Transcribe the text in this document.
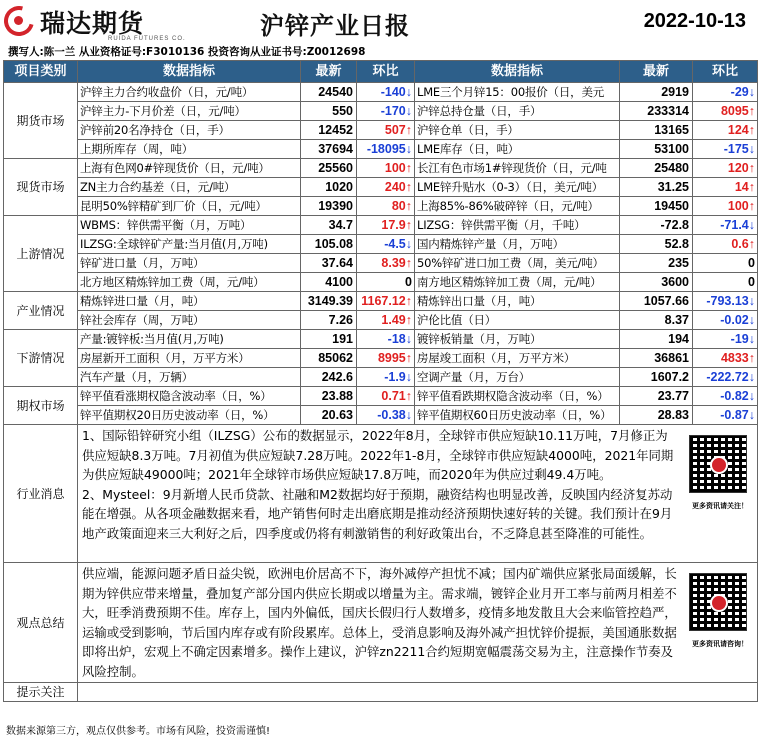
瑞达期货
RUIDA FUTURES CO.	沪锌产业日报	2022-10-13
撰写人:陈一兰 从业资格证号:F3010136 投资咨询从业证书号:Z0012698
项目类别	数据指标	最新	环比	数据指标	最新	环比
期货市场	沪锌主力合约收盘价（日，元/吨）	24540	-140↓	LME三个月锌15：00报价（日，美元	2919	-29↓
	沪锌主力-下月价差（日，元/吨）	550	-170↓	沪锌总持仓量（日，手）	233314	8095↑
	沪锌前20名净持仓（日，手）	12452	507↑	沪锌仓单（日，手）	13165	124↑
	上期所库存（周，吨）	37694	-18095↓	LME库存（日，吨）	53100	-175↓
现货市场	上海有色网0#锌现货价（日，元/吨）	25560	100↑	长江有色市场1#锌现货价（日，元/吨	25480	120↑
	ZN主力合约基差（日，元/吨）	1020	240↑	LME锌升贴水（0-3）（日，美元/吨）	31.25	14↑
	昆明50%锌精矿到厂价（日，元/吨）	19390	80↑	上海85%-86%破碎锌（日，元/吨）	19450	100↑
上游情况	WBMS：锌供需平衡（月，万吨）	34.7	17.9↑	LIZSG：锌供需平衡（月，千吨）	-72.8	-71.4↓
	ILZSG:全球锌矿产量:当月值(月,万吨)	105.08	-4.5↓	国内精炼锌产量（月，万吨）	52.8	0.6↑
	锌矿进口量（月，万吨）	37.64	8.39↑	50%锌矿进口加工费（周，美元/吨）	235	0
	北方地区精炼锌加工费（周，元/吨）	4100	0	南方地区精炼锌加工费（周，元/吨）	3600	0
产业情况	精炼锌进口量（月，吨）	3149.39	1167.12↑	精炼锌出口量（月，吨）	1057.66	-793.13↓
	锌社会库存（周，万吨）	7.26	1.49↑	沪伦比值（日）	8.37	-0.02↓
下游情况	产量:镀锌板:当月值(月,万吨)	191	-18↓	镀锌板销量（月，万吨）	194	-19↓
	房屋新开工面积（月，万平方米）	85062	8995↑	房屋竣工面积（月，万平方米）	36861	4833↑
	汽车产量（月，万辆）	242.6	-1.9↓	空调产量（月，万台）	1607.2	-222.72↓
期权市场	锌平值看涨期权隐含波动率（日，%）	23.88	0.71↑	锌平值看跌期权隐含波动率（日，%）	23.77	-0.82↓
	锌平值期权20日历史波动率（日，%）	20.63	-0.38↓	锌平值期权60日历史波动率（日，%）	28.83	-0.87↓
行业消息	1、国际铅锌研究小组（ILZSG）公布的数据显示，2022年8月，全球锌市供应短缺10.11万吨，7月修正为供应短缺8.3万吨。7月初值为供应短缺7.28万吨。2022年1-8月，全球锌市供应短缺4000吨，2021年同期为供应短缺49000吨；2021年全球锌市场供应短缺17.8万吨，而2020年为供应过剩49.4万吨。
2、Mysteel：9月新增人民币贷款、社融和M2数据均好于预期，融资结构也明显改善，反映国内经济复苏动能在增强。从各项金融数据来看，地产销售何时走出磨底期是推动经济预期快速好转的关键。我们预计在9月地产政策面迎来三大利好之后，四季度或仍将有刺激销售的利好政策出台，不乏降息甚至降准的可能性。
更多资讯请关注！					

观点总结	供应端，能源问题矛盾日益尖锐，欧洲电价居高不下，海外减停产担忧不减；国内矿端供应紧张局面缓解，长期为锌供应带来增量，叠加复产部分国内供应长期或以增量为主。需求端，镀锌企业月开工率与前两月相差不大，旺季消费预期不佳。库存上，国内外偏低，国庆长假归行人数增多，疫情多地发散且大会来临管控趋严，运输或受到影响，节后国内库存或有阶段累库。总体上，受消息影响及海外减产担忧锌价提振，美国通胀数据即将出炉，宏观上不确定因素增多。操作上建议，沪锌zn2211合约短期宽幅震荡交易为主，注意操作节奏及风险控制。
更多资讯请咨询！					

提示关注						
数据来源第三方，观点仅供参考。市场有风险，投资需谨慎!
